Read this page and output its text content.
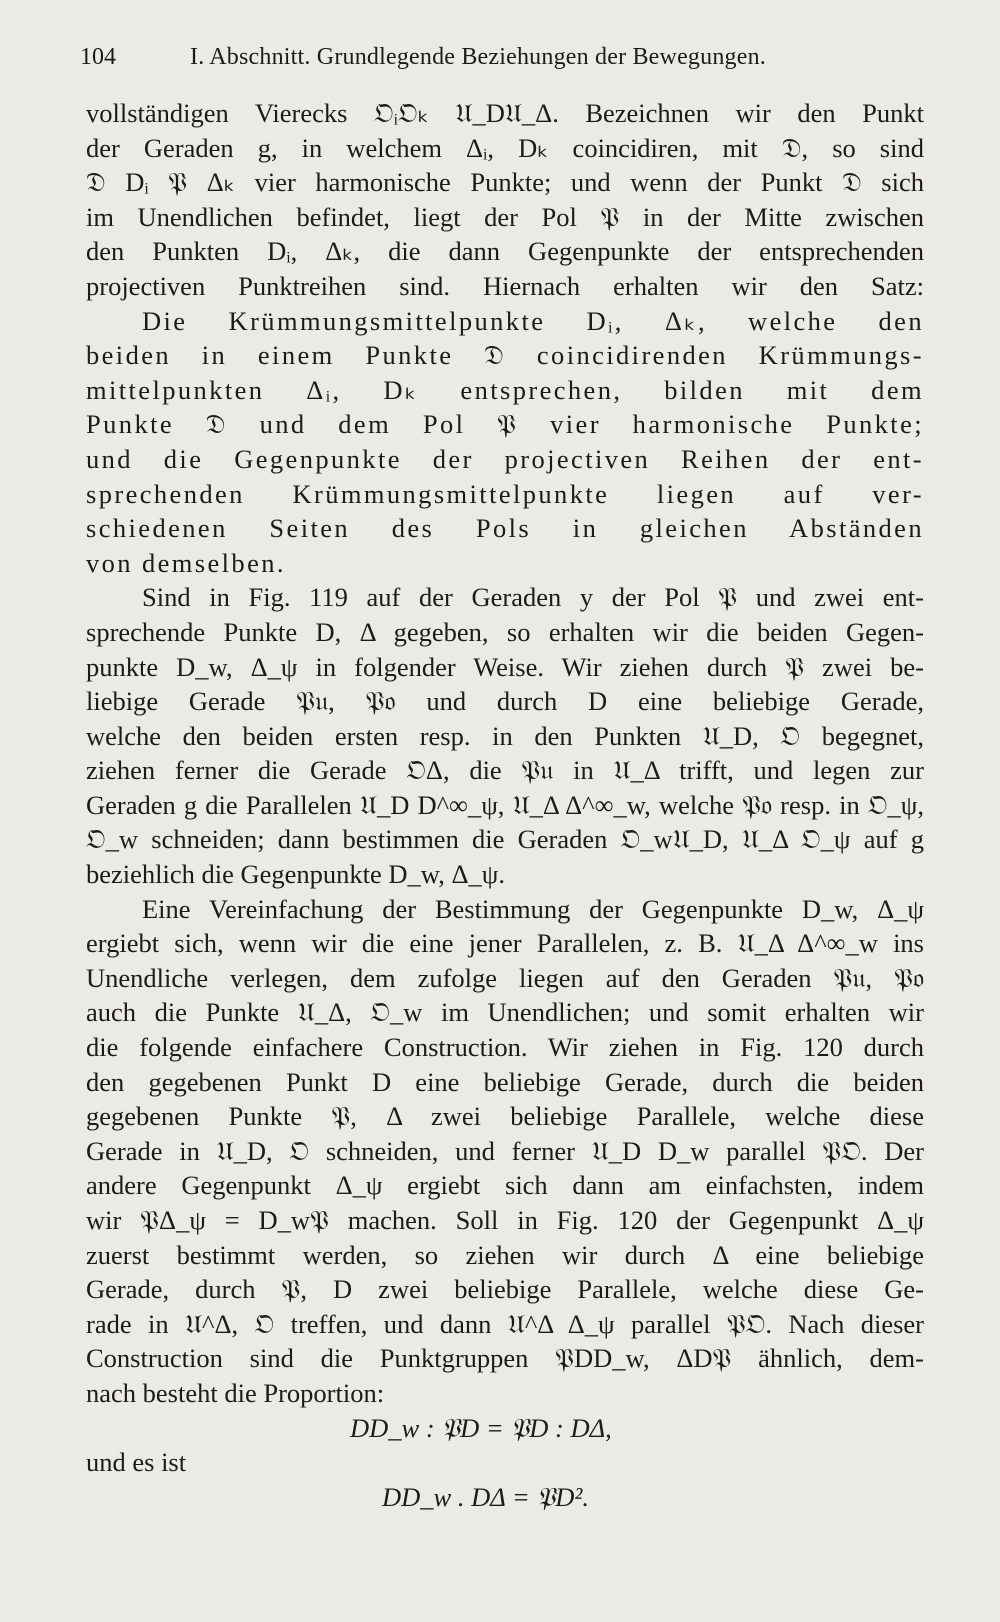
104	I. Abschnitt. Grundlegende Beziehungen der Bewegungen.
vollständigen Vierecks 𝔒ᵢ𝔒ₖ 𝔘_D𝔘_Δ. Bezeichnen wir den Punkt
der Geraden g, in welchem Δᵢ, Dₖ coincidiren, mit 𝔇, so sind
𝔇 Dᵢ 𝔓 Δₖ vier harmonische Punkte; und wenn der Punkt 𝔇 sich
im Unendlichen befindet, liegt der Pol 𝔓 in der Mitte zwischen
den Punkten Dᵢ, Δₖ, die dann Gegenpunkte der entsprechenden
projectiven Punktreihen sind. Hiernach erhalten wir den Satz:
Die Krümmungsmittelpunkte Dᵢ, Δₖ, welche den
beiden in einem Punkte 𝔇 coincidirenden Krümmungs-
mittelpunkten Δᵢ, Dₖ entsprechen, bilden mit dem
Punkte 𝔇 und dem Pol 𝔓 vier harmonische Punkte;
und die Gegenpunkte der projectiven Reihen der ent-
sprechenden Krümmungsmittelpunkte liegen auf ver-
schiedenen Seiten des Pols in gleichen Abständen
von demselben.
Sind in Fig. 119 auf der Geraden y der Pol 𝔓 und zwei ent-
sprechende Punkte D, Δ gegeben, so erhalten wir die beiden Gegen-
punkte D_w, Δ_ψ in folgender Weise. Wir ziehen durch 𝔓 zwei be-
liebige Gerade 𝔓𝔲, 𝔓𝔬 und durch D eine beliebige Gerade,
welche den beiden ersten resp. in den Punkten 𝔘_D, 𝔒 begegnet,
ziehen ferner die Gerade 𝔒Δ, die 𝔓𝔲 in 𝔘_Δ trifft, und legen zur
Geraden g die Parallelen 𝔘_D D^∞_ψ, 𝔘_Δ Δ^∞_w, welche 𝔓𝔬 resp. in 𝔒_ψ,
𝔒_w schneiden; dann bestimmen die Geraden 𝔒_w𝔘_D, 𝔘_Δ 𝔒_ψ auf g
beziehlich die Gegenpunkte D_w, Δ_ψ.
Eine Vereinfachung der Bestimmung der Gegenpunkte D_w, Δ_ψ
ergiebt sich, wenn wir die eine jener Parallelen, z. B. 𝔘_Δ Δ^∞_w ins
Unendliche verlegen, dem zufolge liegen auf den Geraden 𝔓𝔲, 𝔓𝔬
auch die Punkte 𝔘_Δ, 𝔒_w im Unendlichen; und somit erhalten wir
die folgende einfachere Construction. Wir ziehen in Fig. 120 durch
den gegebenen Punkt D eine beliebige Gerade, durch die beiden
gegebenen Punkte 𝔓, Δ zwei beliebige Parallele, welche diese
Gerade in 𝔘_D, 𝔒 schneiden, und ferner 𝔘_D D_w parallel 𝔓𝔒. Der
andere Gegenpunkt Δ_ψ ergiebt sich dann am einfachsten, indem
wir 𝔓Δ_ψ = D_w𝔓 machen. Soll in Fig. 120 der Gegenpunkt Δ_ψ
zuerst bestimmt werden, so ziehen wir durch Δ eine beliebige
Gerade, durch 𝔓, D zwei beliebige Parallele, welche diese Ge-
rade in 𝔘^Δ, 𝔒 treffen, und dann 𝔘^Δ Δ_ψ parallel 𝔓𝔒. Nach dieser
Construction sind die Punktgruppen 𝔓DD_w, ΔD𝔓 ähnlich, dem-
nach besteht die Proportion:
DD_w : 𝔓D = 𝔓D : DΔ,
und es ist
DD_w . DΔ = 𝔓D².
